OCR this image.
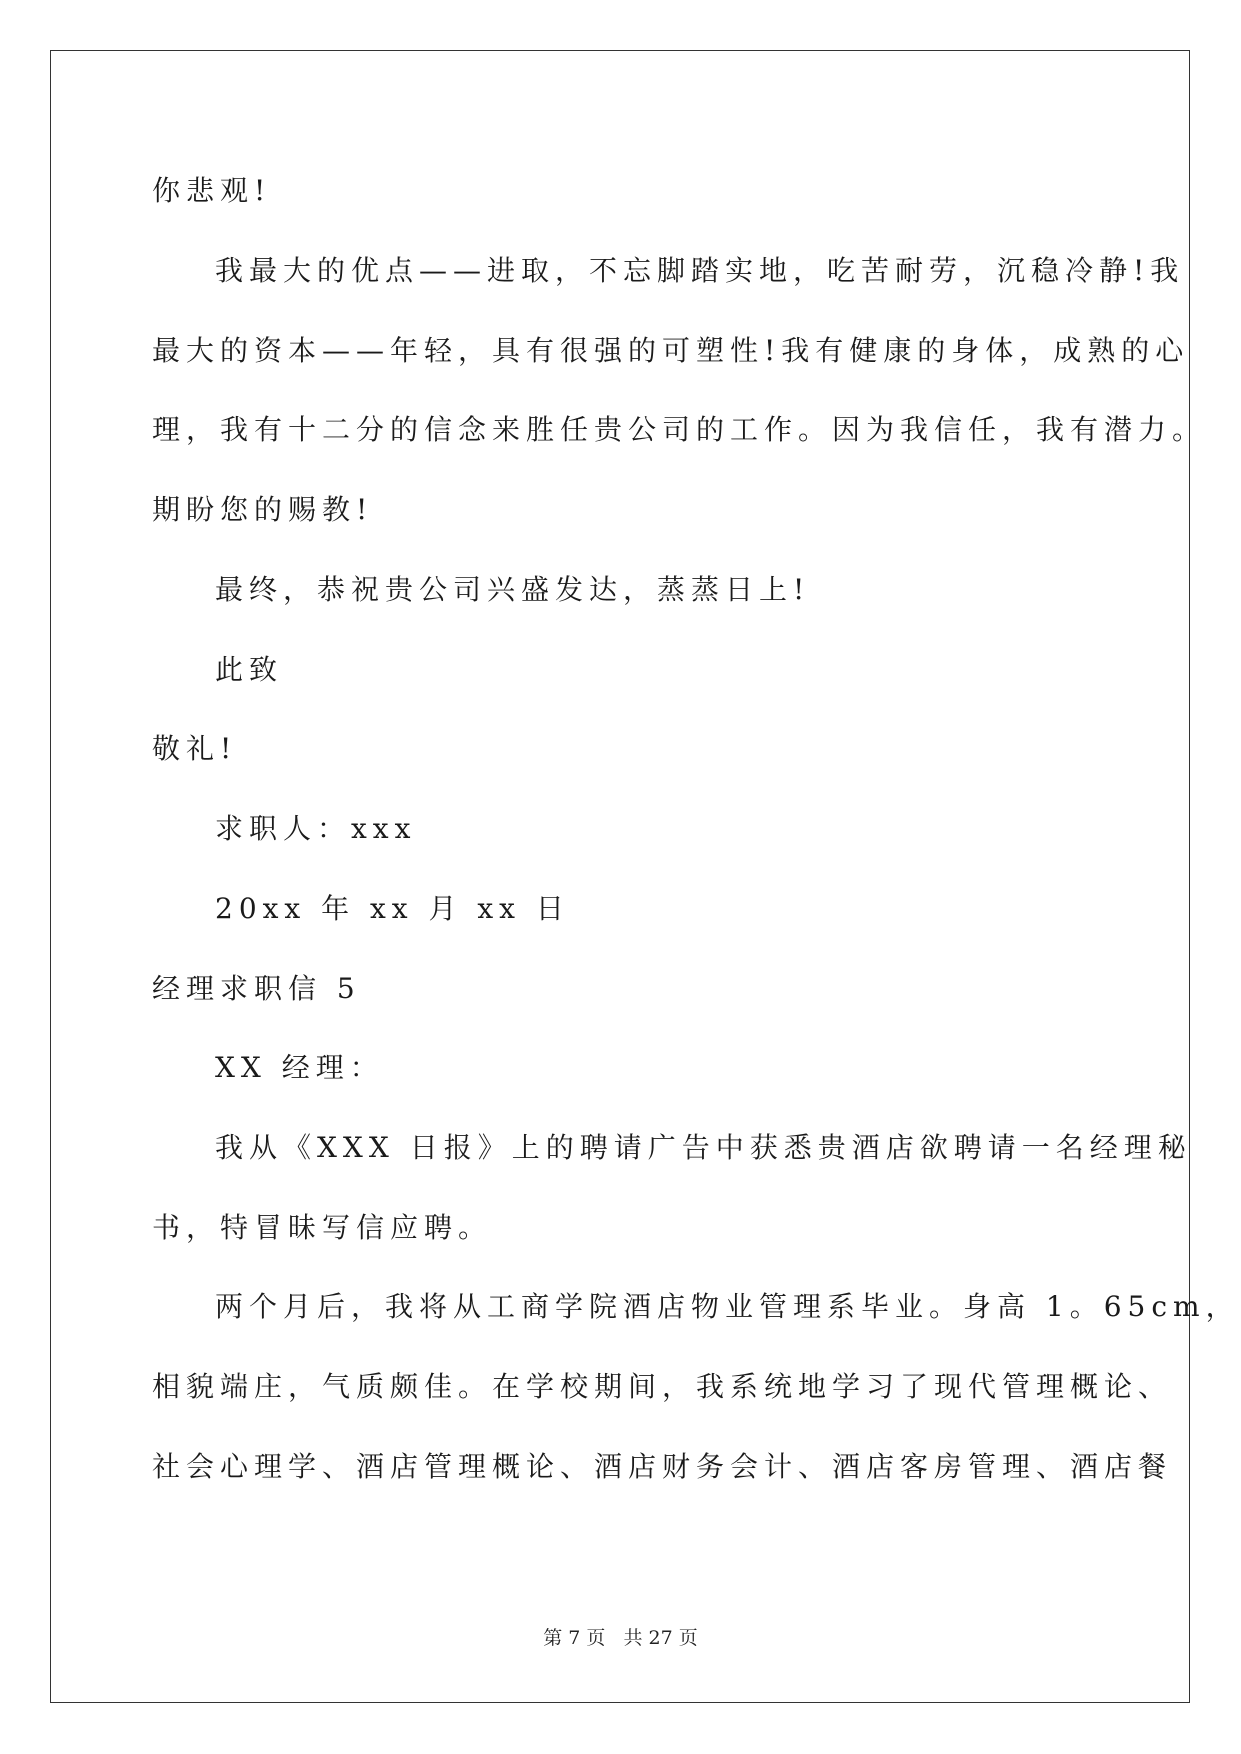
你悲观!
我最大的优点——进取，不忘脚踏实地，吃苦耐劳，沉稳冷静!我
最大的资本——年轻，具有很强的可塑性!我有健康的身体，成熟的心
理，我有十二分的信念来胜任贵公司的工作。因为我信任，我有潜力。
期盼您的赐教!
最终，恭祝贵公司兴盛发达，蒸蒸日上!
此致
敬礼!
求职人：xxx
20xx 年 xx 月 xx 日
经理求职信 5
XX 经理：
我从《XXX 日报》上的聘请广告中获悉贵酒店欲聘请一名经理秘
书，特冒昧写信应聘。
两个月后，我将从工商学院酒店物业管理系毕业。身高 1。65cm，
相貌端庄，气质颇佳。在学校期间，我系统地学习了现代管理概论、
社会心理学、酒店管理概论、酒店财务会计、酒店客房管理、酒店餐
第 7 页   共 27 页
